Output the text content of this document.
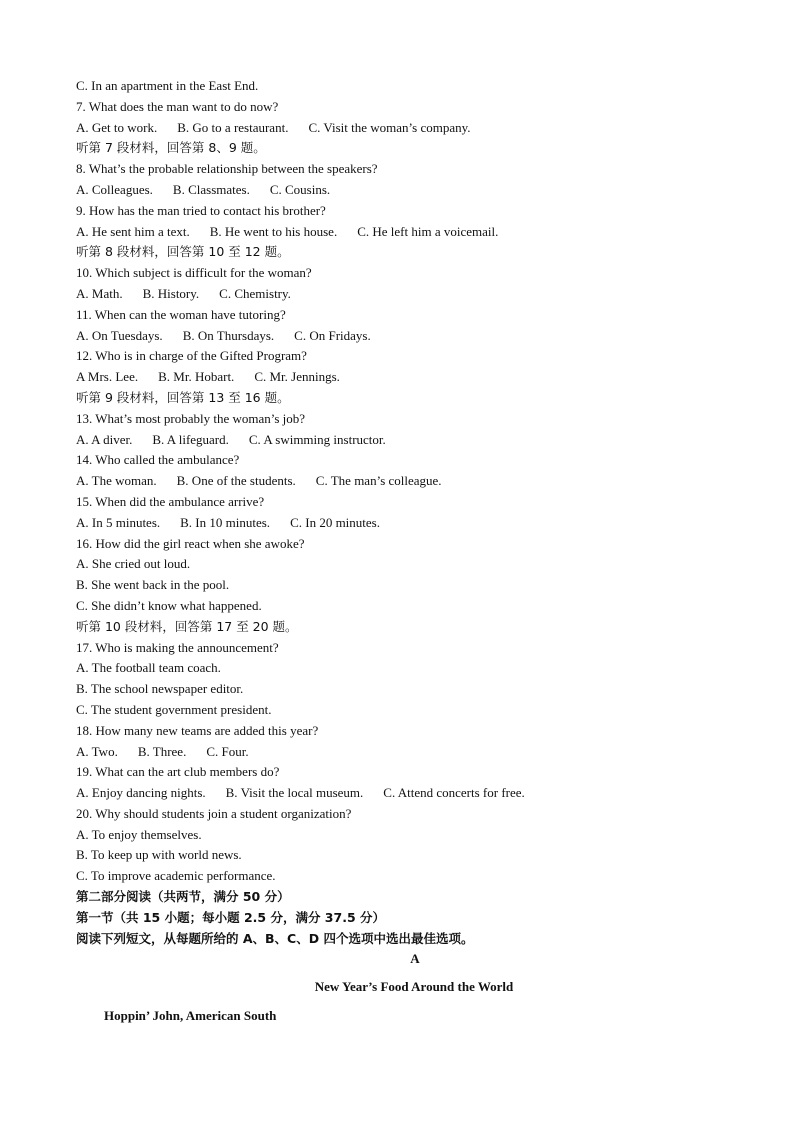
C. In an apartment in the East End.
7. What does the man want to do now?
A. Get to work. B. Go to a restaurant. C. Visit the woman’s company.
听第 7 段材料，回答第 8、9 题。
8. What’s the probable relationship between the speakers?
A. Colleagues. B. Classmates. C. Cousins.
9. How has the man tried to contact his brother?
A. He sent him a text. B. He went to his house. C. He left him a voicemail.
听第 8 段材料，回答第 10 至 12 题。
10. Which subject is difficult for the woman?
A. Math. B. History. C. Chemistry.
11. When can the woman have tutoring?
A. On Tuesdays. B. On Thursdays. C. On Fridays.
12. Who is in charge of the Gifted Program?
A Mrs. Lee. B. Mr. Hobart. C. Mr. Jennings.
听第 9 段材料，回答第 13 至 16 题。
13. What’s most probably the woman’s job?
A. A diver. B. A lifeguard. C. A swimming instructor.
14. Who called the ambulance?
A. The woman. B. One of the students. C. The man’s colleague.
15. When did the ambulance arrive?
A. In 5 minutes. B. In 10 minutes. C. In 20 minutes.
16. How did the girl react when she awoke?
A. She cried out loud.
B. She went back in the pool.
C. She didn’t know what happened.
听第 10 段材料，回答第 17 至 20 题。
17. Who is making the announcement?
A. The football team coach.
B. The school newspaper editor.
C. The student government president.
18. How many new teams are added this year?
A. Two. B. Three. C. Four.
19. What can the art club members do?
A. Enjoy dancing nights. B. Visit the local museum. C. Attend concerts for free.
20. Why should students join a student organization?
A. To enjoy themselves.
B. To keep up with world news.
C. To improve academic performance.
第二部分阅读（共两节，满分 50 分）
第一节（共 15 小题；每小题 2.5 分，满分 37.5 分）
阅读下列短文，从每题所给的 A、B、C、D 四个选项中选出最佳选项。
A
New Year’s Food Around the World
Hoppin’ John, American South
